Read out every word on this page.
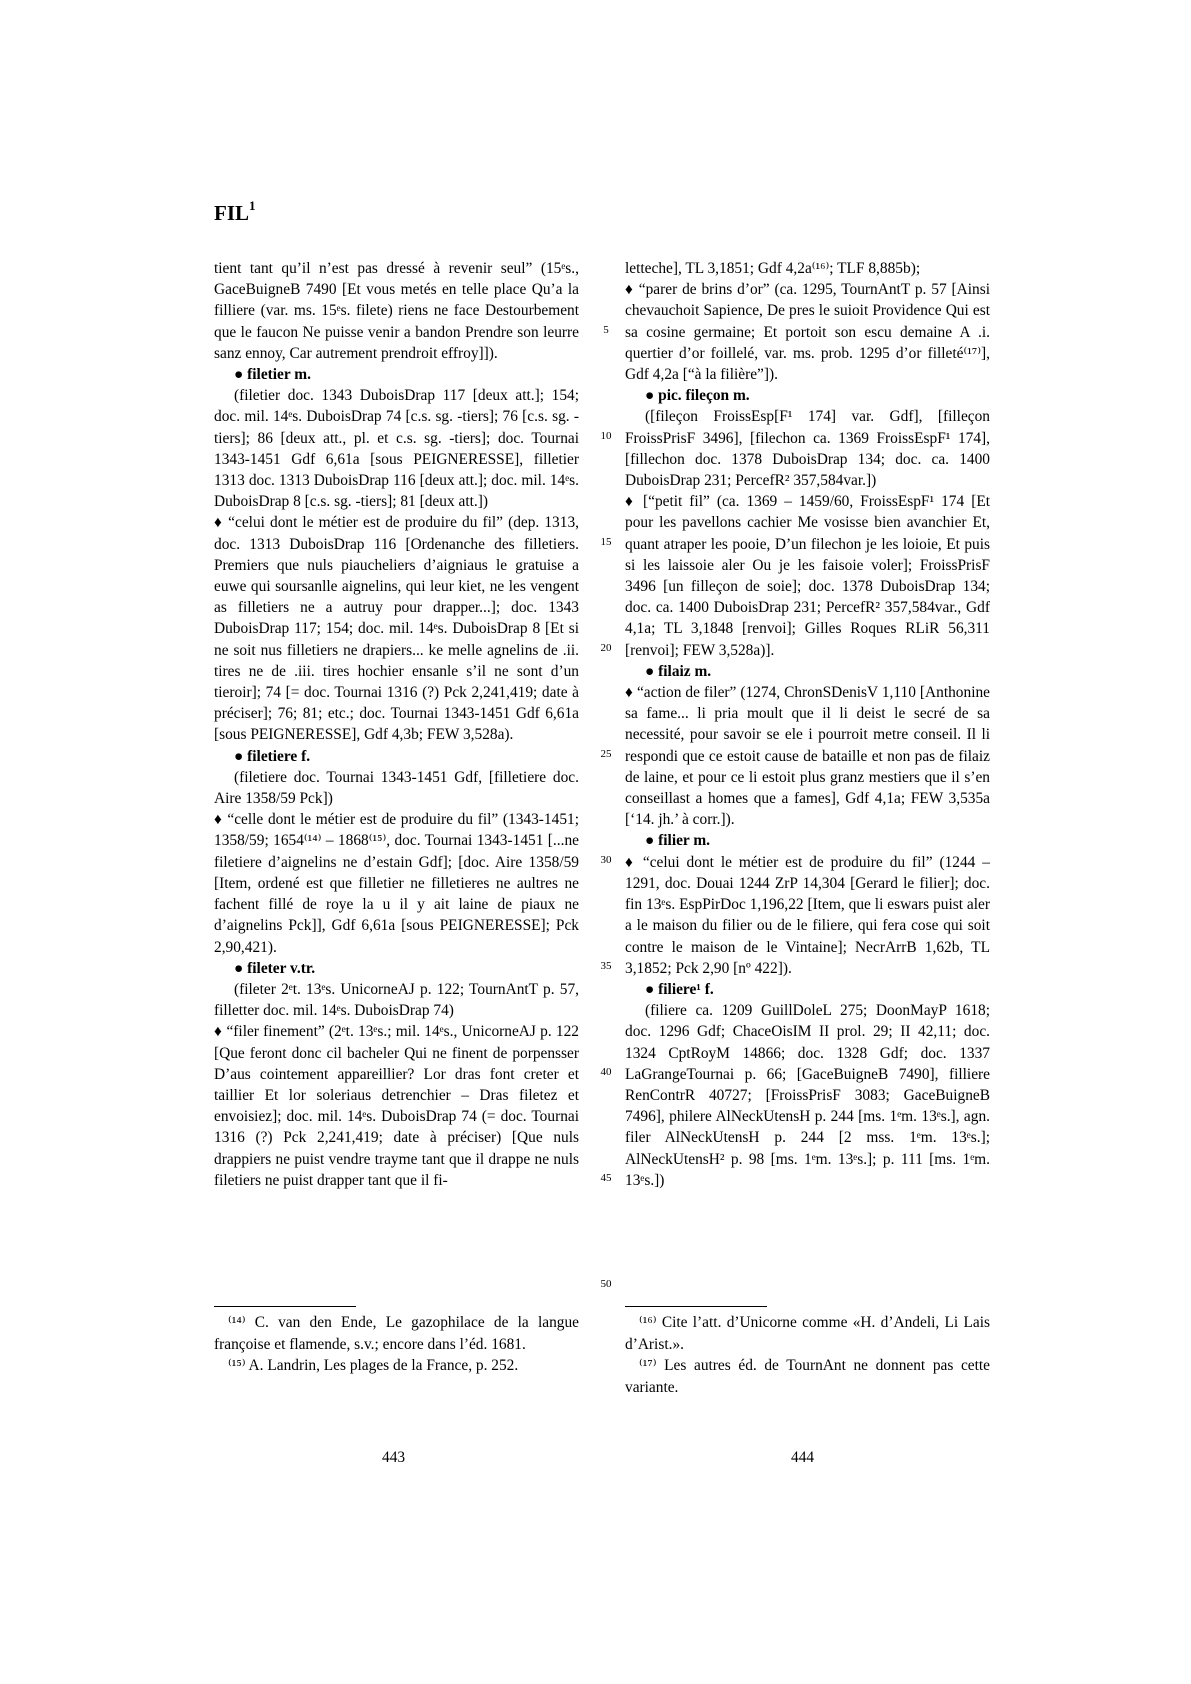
FIL$^1$
5
10
15
20
25
30
35
40
45
50

tient tant qu’il n’est pas dressé à revenir seul” (15ᵉs., GaceBuigneB 7490 [Et vous metés en telle place Qu’a la filliere (var. ms. 15ᵉs. filete) riens ne face Destourbement que le faucon Ne puisse venir a bandon Prendre son leurre sanz ennoy, Car autrement prendroit effroy]]).

● filetier m.

(filetier doc. 1343 DuboisDrap 117 [deux att.]; 154; doc. mil. 14ᵉs. DuboisDrap 74 [c.s. sg. -tiers]; 76 [c.s. sg. -tiers]; 86 [deux att., pl. et c.s. sg. -tiers]; doc. Tournai 1343-1451 Gdf 6,61a [sous PEIGNERESSE], filletier 1313 doc. 1313 DuboisDrap 116 [deux att.]; doc. mil. 14ᵉs. DuboisDrap 8 [c.s. sg. -tiers]; 81 [deux att.])

♦ “celui dont le métier est de produire du fil” (dep. 1313, doc. 1313 DuboisDrap 116 [Ordenanche des filletiers. Premiers que nuls piaucheliers d’aigniaus le gratuise a euwe qui soursanlle aignelins, qui leur kiet, ne les vengent as filletiers ne a autruy pour drapper...]; doc. 1343 DuboisDrap 117; 154; doc. mil. 14ᵉs. DuboisDrap 8 [Et si ne soit nus filletiers ne drapiers... ke melle agnelins de .ii. tires ne de .iii. tires hochier ensanle s’il ne sont d’un tieroir]; 74 [= doc. Tournai 1316 (?) Pck 2,241,419; date à préciser]; 76; 81; etc.; doc. Tournai 1343-1451 Gdf 6,61a [sous PEIGNERESSE], Gdf 4,3b; FEW 3,528a).

● filetiere f.

(filetiere doc. Tournai 1343-1451 Gdf, [filletiere doc. Aire 1358/59 Pck])

♦ “celle dont le métier est de produire du fil” (1343-1451; 1358/59; 1654⁽¹⁴⁾ – 1868⁽¹⁵⁾, doc. Tournai 1343-1451 [...ne filetiere d’aignelins ne d’estain Gdf]; [doc. Aire 1358/59 [Item, ordené est que filletier ne filletieres ne aultres ne fachent fillé de roye la u il y ait laine de piaux ne d’aignelins Pck]], Gdf 6,61a [sous PEIGNERESSE]; Pck 2,90,421).

● fileter v.tr.

(fileter 2ᵉt. 13ᵉs. UnicorneAJ p. 122; TournAntT p. 57, filletter doc. mil. 14ᵉs. DuboisDrap 74)

♦ “filer finement” (2ᵉt. 13ᵉs.; mil. 14ᵉs., UnicorneAJ p. 122 [Que feront donc cil bacheler Qui ne finent de porpensser D’aus cointement appareillier? Lor dras font creter et taillier Et lor soleriaus detrenchier – Dras filetez et envoisiez]; doc. mil. 14ᵉs. DuboisDrap 74 (= doc. Tournai 1316 (?) Pck 2,241,419; date à préciser) [Que nuls drappiers ne puist vendre trayme tant que il drappe ne nuls filetiers ne puist drapper tant que il fi-

letteche], TL 3,1851; Gdf 4,2a⁽¹⁶⁾; TLF 8,885b);

♦ “parer de brins d’or” (ca. 1295, TournAntT p. 57 [Ainsi chevauchoit Sapience, De pres le suioit Providence Qui est sa cosine germaine; Et portoit son escu demaine A .i. quertier d’or foillelé, var. ms. prob. 1295 d’or filleté⁽¹⁷⁾], Gdf 4,2a [“à la filière”]).

● pic. fileçon m.

([fileçon FroissEsp[F¹ 174] var. Gdf], [filleçon FroissPrisF 3496], [filechon ca. 1369 FroissEspF¹ 174], [fillechon doc. 1378 DuboisDrap 134; doc. ca. 1400 DuboisDrap 231; PercefR² 357,584var.])

♦ [“petit fil” (ca. 1369 – 1459/60, FroissEspF¹ 174 [Et pour les pavellons cachier Me vosisse bien avanchier Et, quant atraper les pooie, D’un filechon je les loioie, Et puis si les laissoie aler Ou je les faisoie voler]; FroissPrisF 3496 [un filleçon de soie]; doc. 1378 DuboisDrap 134; doc. ca. 1400 DuboisDrap 231; PercefR² 357,584var., Gdf 4,1a; TL 3,1848 [renvoi]; Gilles Roques RLiR 56,311 [renvoi]; FEW 3,528a)].

● filaiz m.

♦ “action de filer” (1274, ChronSDenisV 1,110 [Anthonine sa fame... li pria moult que il li deist le secré de sa necessité, pour savoir se ele i pourroit metre conseil. Il li respondi que ce estoit cause de bataille et non pas de filaiz de laine, et pour ce li estoit plus granz mestiers que il s’en conseillast a homes que a fames], Gdf 4,1a; FEW 3,535a [‘14. jh.’ à corr.]).

● filier m.

♦ “celui dont le métier est de produire du fil” (1244 – 1291, doc. Douai 1244 ZrP 14,304 [Gerard le filier]; doc. fin 13ᵉs. EspPirDoc 1,196,22 [Item, que li eswars puist aler a le maison du filier ou de le filiere, qui fera cose qui soit contre le maison de le Vintaine]; NecrArrB 1,62b, TL 3,1852; Pck 2,90 [nº 422]).

● filiere¹ f.

(filiere ca. 1209 GuillDoleL 275; DoonMayP 1618; doc. 1296 Gdf; ChaceOisIM II prol. 29; II 42,11; doc. 1324 CptRoyM 14866; doc. 1328 Gdf; doc. 1337 LaGrangeTournai p. 66; [GaceBuigneB 7490], filliere RenContrR 40727; [FroissPrisF 3083; GaceBuigneB 7496], philere AlNeckUtensH p. 244 [ms. 1ᵉm. 13ᵉs.], agn. filer AlNeckUtensH p. 244 [2 mss. 1ᵉm. 13ᵉs.]; AlNeckUtensH² p. 98 [ms. 1ᵉm. 13ᵉs.]; p. 111 [ms. 1ᵉm. 13ᵉs.])

⁽¹⁴⁾ C. van den Ende, Le gazophilace de la langue françoise et flamende, s.v.; encore dans l’éd. 1681.

⁽¹⁵⁾ A. Landrin, Les plages de la France, p. 252.

⁽¹⁶⁾ Cite l’att. d’Unicorne comme «H. d’Andeli, Li Lais d’Arist.».

⁽¹⁷⁾ Les autres éd. de TournAnt ne donnent pas cette variante.

443	444
